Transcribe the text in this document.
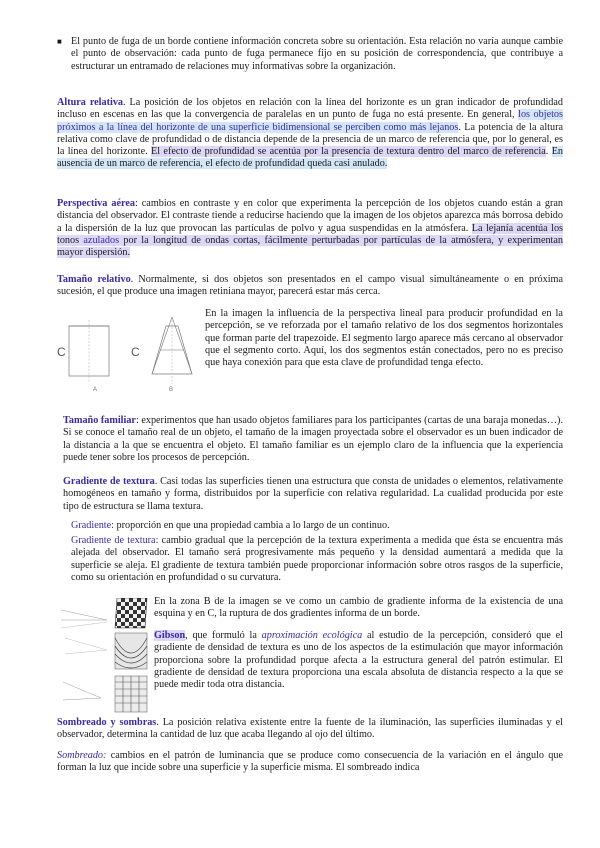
■ El punto de fuga de un borde contiene información concreta sobre su orientación. Esta relación no varía aunque cambie el punto de observación: cada punto de fuga permanece fijo en su posición de correspondencia, que contribuye a estructurar un entramado de relaciones muy informativas sobre la organización.

Altura relativa. La posición de los objetos en relación con la línea del horizonte es un gran indicador de profundidad incluso en escenas en las que la convergencia de paralelas en un punto de fuga no está presente. En general, los objetos próximos a la línea del horizonte de una superficie bidimensional se perciben como más lejanos. La potencia de la altura relativa como clave de profundidad o de distancia depende de la presencia de un marco de referencia que, por lo general, es la línea del horizonte. El efecto de profundidad se acentúa por la presencia de textura dentro del marco de referencia. En ausencia de un marco de referencia, el efecto de profundidad queda casi anulado.

Perspectiva aérea: cambios en contraste y en color que experimenta la percepción de los objetos cuando están a gran distancia del observador. El contraste tiende a reducirse haciendo que la imagen de los objetos aparezca más borrosa debido a la dispersión de la luz que provocan las partículas de polvo y agua suspendidas en la atmósfera. La lejanía acentúa los tonos azulados por la longitud de ondas cortas, fácilmente perturbadas por partículas de la atmósfera, y experimentan mayor dispersión.

Tamaño relativo. Normalmente, si dos objetos son presentados en el campo visual simultáneamente o en próxima sucesión, el que produce una imagen retiniana mayor, parecerá estar más cerca.

C	C
A	B

En la imagen la influencia de la perspectiva lineal para producir profundidad en la percepción, se ve reforzada por el tamaño relativo de los dos segmentos horizontales que forman parte del trapezoide. El segmento largo aparece más cercano al observador que el segmento corto. Aquí, los dos segmentos están conectados, pero no es preciso que haya conexión para que esta clave de profundidad tenga efecto.

Tamaño familiar: experimentos que han usado objetos familiares para los participantes (cartas de una baraja monedas…). Si se conoce el tamaño real de un objeto, el tamaño de la imagen proyectada sobre el observador es un buen indicador de la distancia a la que se encuentra el objeto. El tamaño familiar es un ejemplo claro de la influencia que la experiencia puede tener sobre los procesos de percepción.

Gradiente de textura. Casi todas las superficies tienen una estructura que consta de unidades o elementos, relativamente homogéneos en tamaño y forma, distribuidos por la superficie con relativa regularidad. La cualidad producida por este tipo de estructura se llama textura.

Gradiente: proporción en que una propiedad cambia a lo largo de un continuo.

Gradiente de textura: cambio gradual que la percepción de la textura experimenta a medida que ésta se encuentra más alejada del observador. El tamaño será progresivamente más pequeño y la densidad aumentará a medida que la superficie se aleja. El gradiente de textura también puede proporcionar información sobre otros rasgos de la superficie, como su orientación en profundidad o su curvatura.

En la zona B de la imagen se ve como un cambio de gradiente informa de la existencia de una esquina y en C, la ruptura de dos gradientes informa de un borde.

Gibson, que formuló la aproximación ecológica al estudio de la percepción, consideró que el gradiente de densidad de textura es uno de los aspectos de la estimulación que mayor información proporciona sobre la profundidad porque afecta a la estructura general del patrón estimular. El gradiente de densidad de textura proporciona una escala absoluta de distancia respecto a la que se puede medir toda otra distancia.

Sombreado y sombras. La posición relativa existente entre la fuente de la iluminación, las superficies iluminadas y el observador, determina la cantidad de luz que acaba llegando al ojo del último.

Sombreado: cambios en el patrón de luminancia que se produce como consecuencia de la variación en el ángulo que forman la luz que incide sobre una superficie y la superficie misma. El sombreado indica
